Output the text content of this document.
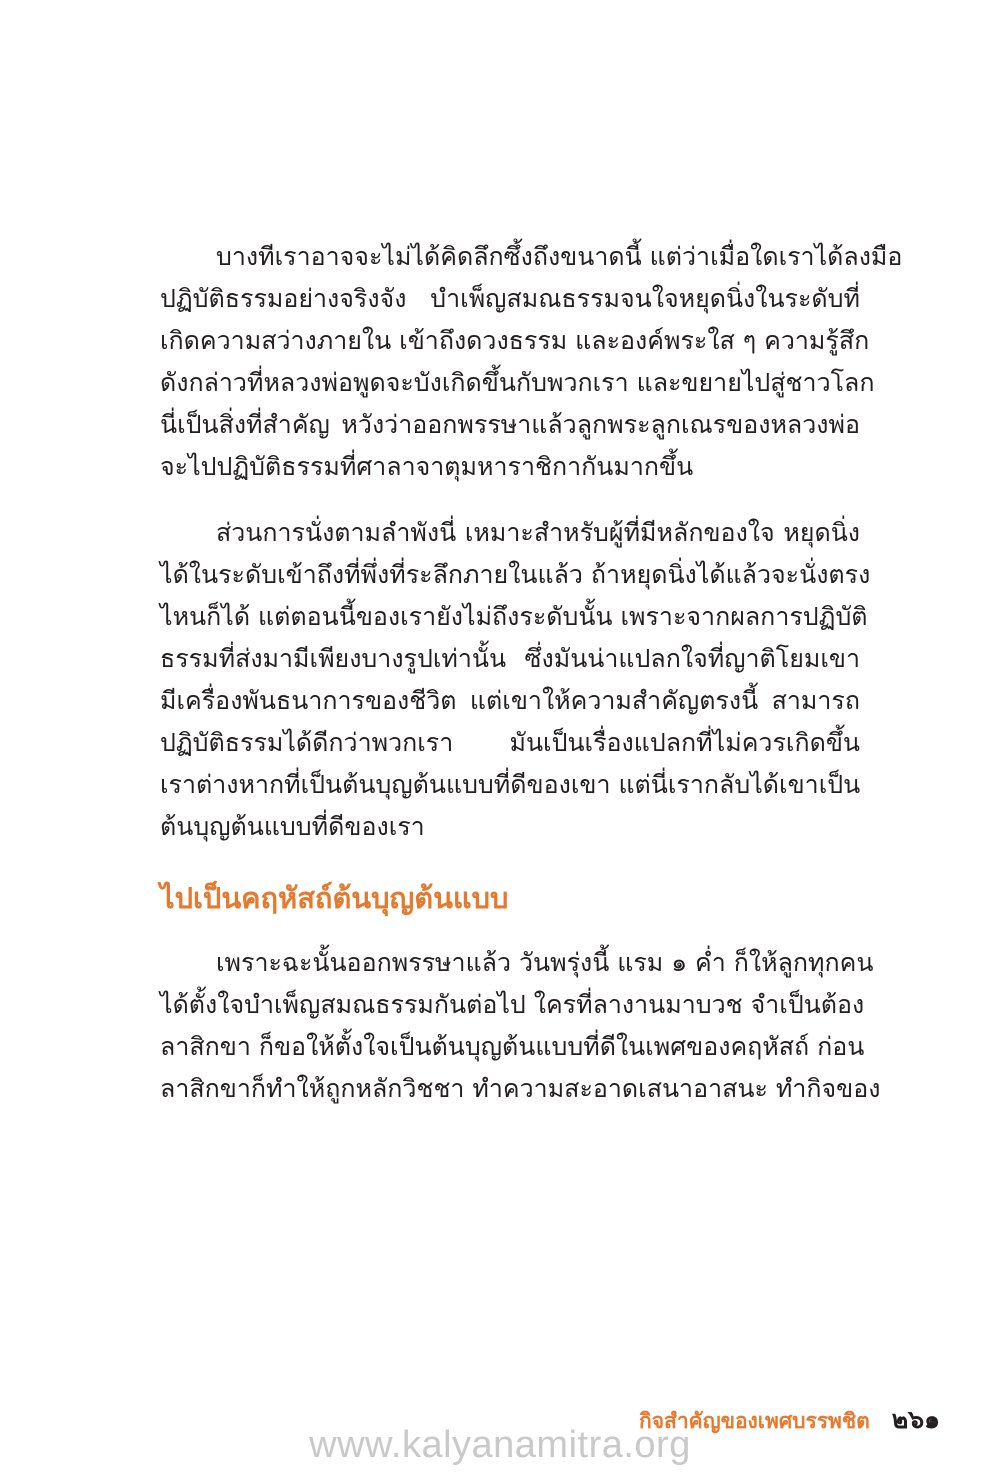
บางทีเราอาจจะไม่ได้คิดลึกซึ้งถึงขนาดนี้ แต่ว่าเมื่อใดเราได้ลงมือ
ปฏิบัติธรรมอย่างจริงจัง บำเพ็ญสมณธรรมจนใจหยุดนิ่งในระดับที่
เกิดความสว่างภายใน เข้าถึงดวงธรรม และองค์พระใส ๆ ความรู้สึก
ดังกล่าวที่หลวงพ่อพูดจะบังเกิดขึ้นกับพวกเรา และขยายไปสู่ชาวโลก
นี่เป็นสิ่งที่สำคัญ หวังว่าออกพรรษาแล้วลูกพระลูกเณรของหลวงพ่อ
จะไปปฏิบัติธรรมที่ศาลาจาตุมหาราชิกากันมากขึ้น
ส่วนการนั่งตามลำพังนี่ เหมาะสำหรับผู้ที่มีหลักของใจ หยุดนิ่ง
ได้ในระดับเข้าถึงที่พึ่งที่ระลึกภายในแล้ว ถ้าหยุดนิ่งได้แล้วจะนั่งตรง
ไหนก็ได้ แต่ตอนนี้ของเรายังไม่ถึงระดับนั้น เพราะจากผลการปฏิบัติ
ธรรมที่ส่งมามีเพียงบางรูปเท่านั้น ซึ่งมันน่าแปลกใจที่ญาติโยมเขา
มีเครื่องพันธนาการของชีวิต แต่เขาให้ความสำคัญตรงนี้ สามารถ
ปฏิบัติธรรมได้ดีกว่าพวกเรา มันเป็นเรื่องแปลกที่ไม่ควรเกิดขึ้น
เราต่างหากที่เป็นต้นบุญต้นแบบที่ดีของเขา แต่นี่เรากลับได้เขาเป็น
ต้นบุญต้นแบบที่ดีของเรา
ไปเป็นคฤหัสถ์ต้นบุญต้นแบบ
เพราะฉะนั้นออกพรรษาแล้ว วันพรุ่งนี้ แรม ๑ ค่ำ ก็ให้ลูกทุกคน
ได้ตั้งใจบำเพ็ญสมณธรรมกันต่อไป ใครที่ลางานมาบวช จำเป็นต้อง
ลาสิกขา ก็ขอให้ตั้งใจเป็นต้นบุญต้นแบบที่ดีในเพศของคฤหัสถ์ ก่อน
ลาสิกขาก็ทำให้ถูกหลักวิชชา ทำความสะอาดเสนาอาสนะ ทำกิจของ
กิจสำคัญของเพศบรรพชิต ๒๖๑
www.kalyanamitra.org
